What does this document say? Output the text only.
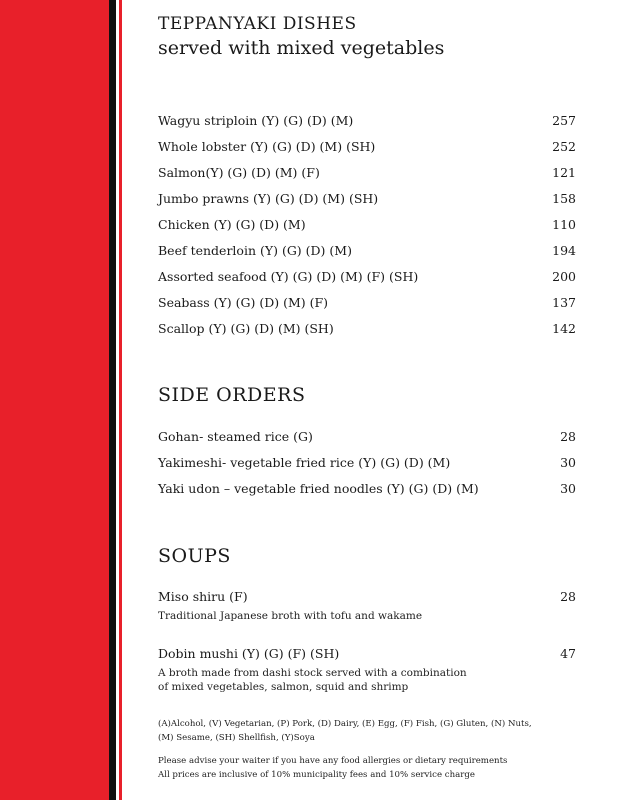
TEPPANYAKI DISHES
served with mixed vegetables
Wagyu striploin (Y) (G) (D) (M)	257
Whole lobster (Y) (G) (D) (M) (SH)	252
Salmon(Y) (G) (D) (M) (F)	121
Jumbo prawns (Y) (G) (D) (M) (SH)	158
Chicken (Y) (G) (D) (M)	110
Beef tenderloin (Y) (G) (D) (M)	194
Assorted seafood (Y) (G) (D) (M) (F) (SH)	200
Seabass (Y) (G) (D) (M) (F)	137
Scallop (Y) (G) (D) (M) (SH)	142
SIDE ORDERS
Gohan- steamed rice (G)	28
Yakimeshi- vegetable fried rice (Y) (G) (D) (M)	30
Yaki udon – vegetable fried noodles (Y) (G) (D) (M)	30
SOUPS
Miso shiru (F)	28
Traditional Japanese broth with tofu and wakame
Dobin mushi (Y) (G) (F) (SH)	47
A broth made from dashi stock served with a combination
of mixed vegetables, salmon, squid and shrimp
(A)Alcohol, (V) Vegetarian, (P) Pork, (D) Dairy, (E) Egg, (F) Fish, (G) Gluten, (N) Nuts,
(M) Sesame, (SH) Shellfish, (Y)Soya
Please advise your waiter if you have any food allergies or dietary requirements
All prices are inclusive of 10% municipality fees and 10% service charge
